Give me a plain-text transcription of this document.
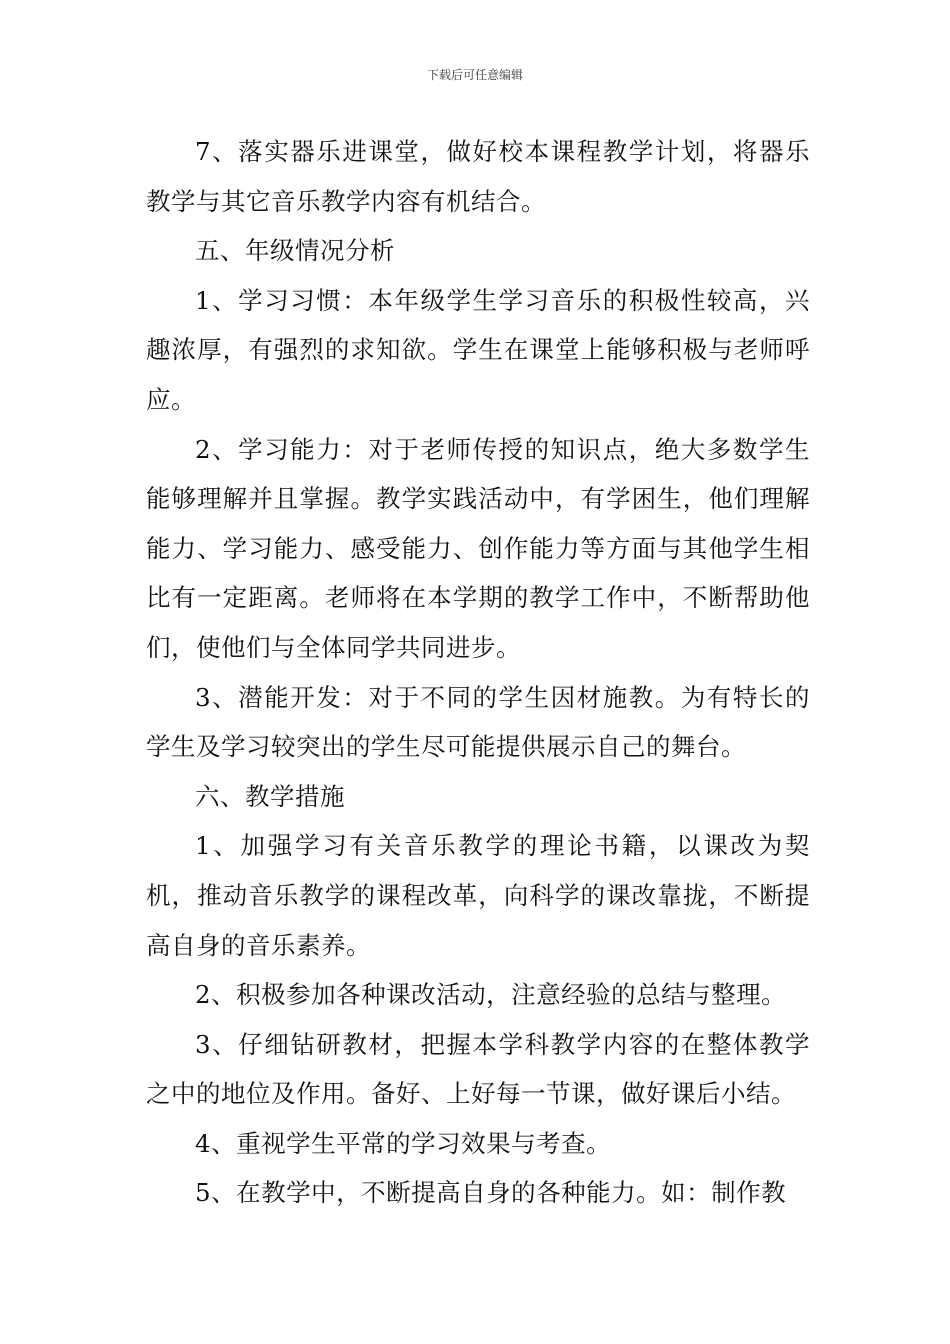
下载后可任意编辑

7、落实器乐进课堂，做好校本课程教学计划，将器乐教学与其它音乐教学内容有机结合。

五、年级情况分析

1、学习习惯：本年级学生学习音乐的积极性较高，兴趣浓厚，有强烈的求知欲。学生在课堂上能够积极与老师呼应。

2、学习能力：对于老师传授的知识点，绝大多数学生能够理解并且掌握。教学实践活动中，有学困生，他们理解能力、学习能力、感受能力、创作能力等方面与其他学生相比有一定距离。老师将在本学期的教学工作中，不断帮助他们，使他们与全体同学共同进步。

3、潜能开发：对于不同的学生因材施教。为有特长的学生及学习较突出的学生尽可能提供展示自己的舞台。

六、教学措施

1、加强学习有关音乐教学的理论书籍，以课改为契机，推动音乐教学的课程改革，向科学的课改靠拢，不断提高自身的音乐素养。

2、积极参加各种课改活动，注意经验的总结与整理。

3、仔细钻研教材，把握本学科教学内容的在整体教学之中的地位及作用。备好、上好每一节课，做好课后小结。

4、重视学生平常的学习效果与考查。

5、在教学中，不断提高自身的各种能力。如：制作教
